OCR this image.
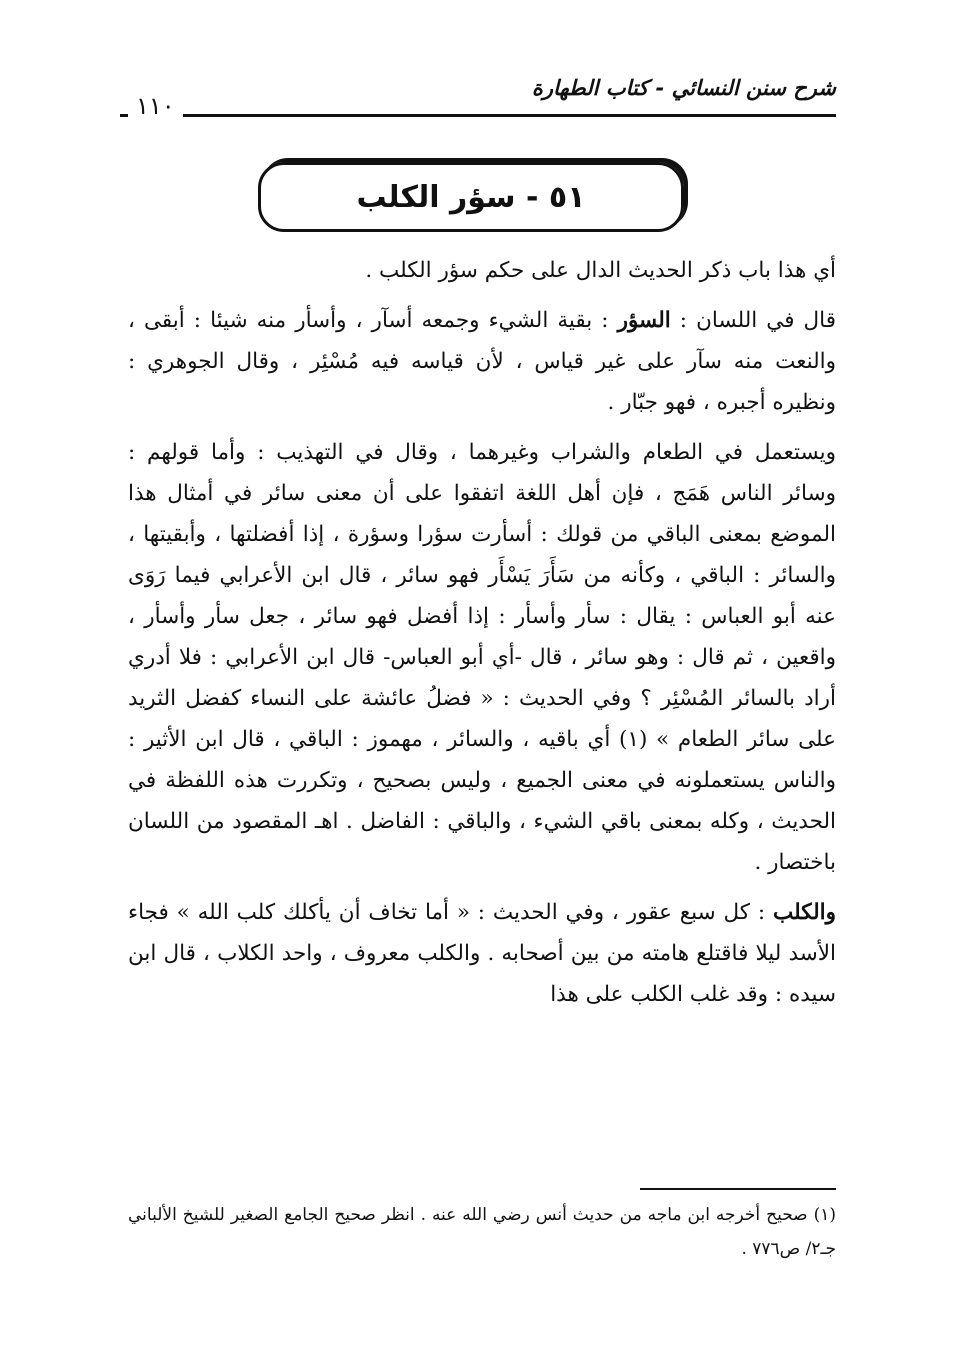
شرح سنن النسائي - كتاب الطهارة
١١٠
٥١ - سؤر الكلب

أي هذا باب ذكر الحديث الدال على حكم سؤر الكلب .

قال في اللسان : السؤر : بقية الشيء وجمعه أسآر ، وأسأر منه شيئا : أبقى ، والنعت منه سآر على غير قياس ، لأن قياسه فيه مُسْئِر ، وقال الجوهري : ونظيره أجبره ، فهو جبّار .

ويستعمل في الطعام والشراب وغيرهما ، وقال في التهذيب : وأما قولهم : وسائر الناس هَمَج ، فإن أهل اللغة اتفقوا على أن معنى سائر في أمثال هذا الموضع بمعنى الباقي من قولك : أسأرت سؤرا وسؤرة ، إذا أفضلتها ، وأبقيتها ، والسائر : الباقي ، وكأنه من سَأَرَ يَسْأَر فهو سائر ، قال ابن الأعرابي فيما رَوَى عنه أبو العباس : يقال : سأر وأسأر : إذا أفضل فهو سائر ، جعل سأر وأسأر ، واقعين ، ثم قال : وهو سائر ، قال -أي أبو العباس- قال ابن الأعرابي : فلا أدري أراد بالسائر المُسْئِر ؟ وفي الحديث : « فضلُ عائشة على النساء كفضل الثريد على سائر الطعام » (١) أي باقيه ، والسائر ، مهموز : الباقي ، قال ابن الأثير : والناس يستعملونه في معنى الجميع ، وليس بصحيح ، وتكررت هذه اللفظة في الحديث ، وكله بمعنى باقي الشيء ، والباقي : الفاضل . اهـ المقصود من اللسان باختصار .

والكلب : كل سبع عقور ، وفي الحديث : « أما تخاف أن يأكلك كلب الله » فجاء الأسد ليلا فاقتلع هامته من بين أصحابه . والكلب معروف ، واحد الكلاب ، قال ابن سيده : وقد غلب الكلب على هذا

(١) صحيح أخرجه ابن ماجه من حديث أنس رضي الله عنه . انظر صحيح الجامع الصغير للشيخ الألباني جـ٢/ ص٧٧٦ .
